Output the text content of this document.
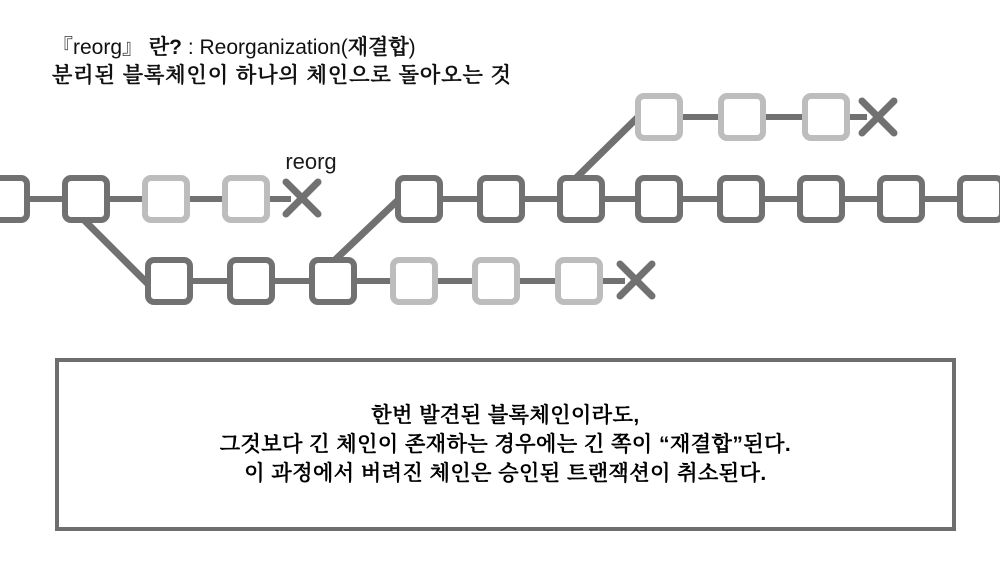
『reorg』 란? : Reorganization(재결합)
분리된 블록체인이 하나의 체인으로 돌아오는 것
reorg
한번 발견된 블록체인이라도,
그것보다 긴 체인이 존재하는 경우에는 긴 쪽이 “재결합”된다.
이 과정에서 버려진 체인은 승인된 트랜잭션이 취소된다.
